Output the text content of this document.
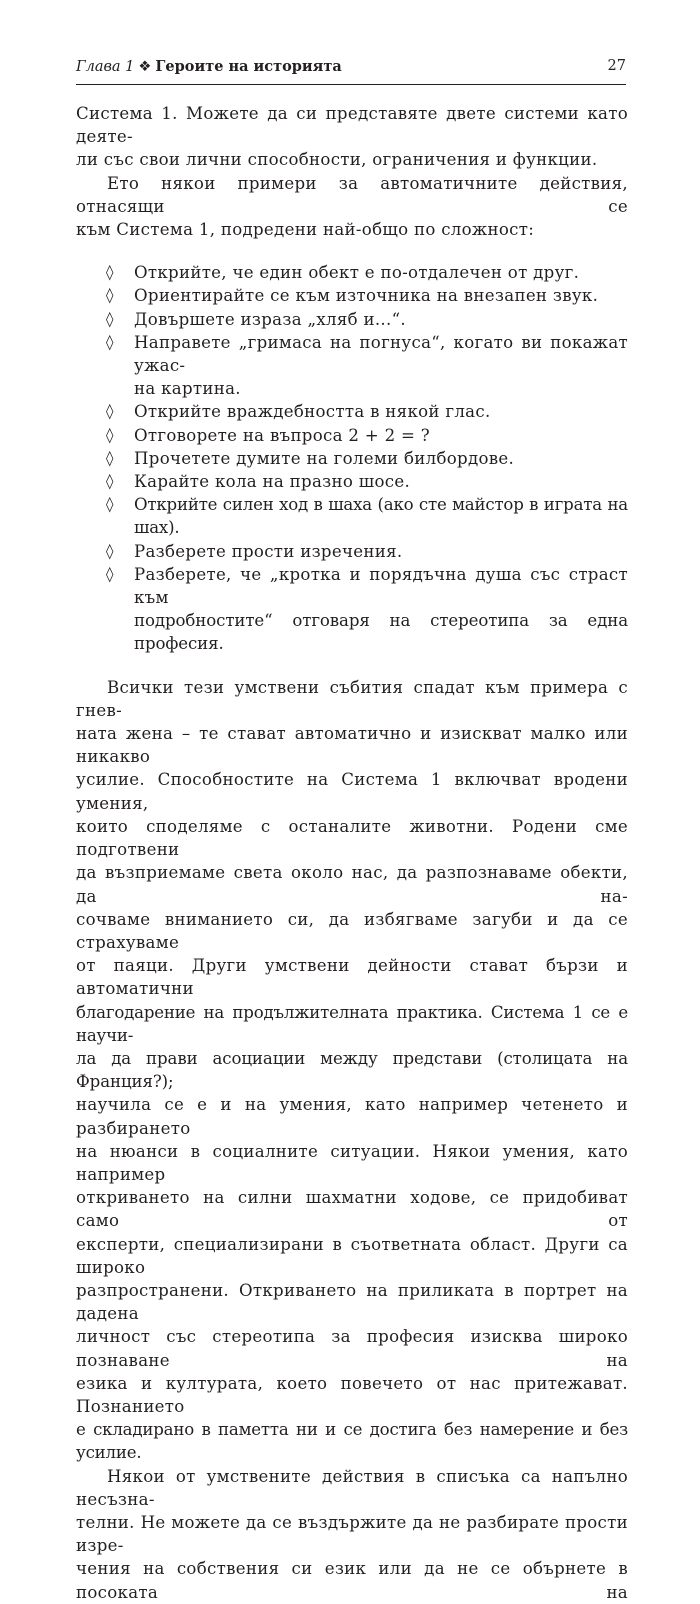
Глава 1 ❖ Героите на историята	27

Система 1. Можете да си представяте двете системи като деяте-
ли със свои лични способности, ограничения и функции.

Ето някои примери за автоматичните действия, отнасящи се
към Система 1, подредени най-общо по сложност:

◊ Открийте, че един обект е по-отдалечен от друг.
◊ Ориентирайте се към източника на внезапен звук.
◊ Довършете израза „хляб и...“.
◊ Направете „гримаса на погнуса“, когато ви покажат ужас-
на картина.
◊ Открийте враждебността в някой глас.
◊ Отговорете на въпроса 2 + 2 = ?
◊ Прочетете думите на големи билбордове.
◊ Карайте кола на празно шосе.
◊ Открийте силен ход в шаха (ако сте майстор в играта на шах).
◊ Разберете прости изречения.
◊ Разберете, че „кротка и порядъчна душа със страст към
подробностите“ отговаря на стереотипа за една професия.

Всички тези умствени събития спадат към примера с гнев-
ната жена – те стават автоматично и изискват малко или никакво
усилие. Способностите на Система 1 включват вродени умения,
които споделяме с останалите животни. Родени сме подготвени
да възприемаме света около нас, да разпознаваме обекти, да на-
сочваме вниманието си, да избягваме загуби и да се страхуваме
от паяци. Други умствени дейности стават бързи и автоматични
благодарение на продължителната практика. Система 1 се е научи-
ла да прави асоциации между представи (столицата на Франция?);
научила се е и на умения, като например четенето и разбирането
на нюанси в социалните ситуации. Някои умения, като например
откриването на силни шахматни ходове, се придобиват само от
експерти, специализирани в съответната област. Други са широко
разпространени. Откриването на приликата в портрет на дадена
личност със стереотипа за професия изисква широко познаване на
езика и културата, което повечето от нас притежават. Познанието
е складирано в паметта ни и се достига без намерение и без усилие.

Някои от умствените действия в списъка са напълно несъзна-
телни. Не можете да се въздържите да не разбирате прости изре-
чения на собствения си език или да не се обърнете в посоката на
